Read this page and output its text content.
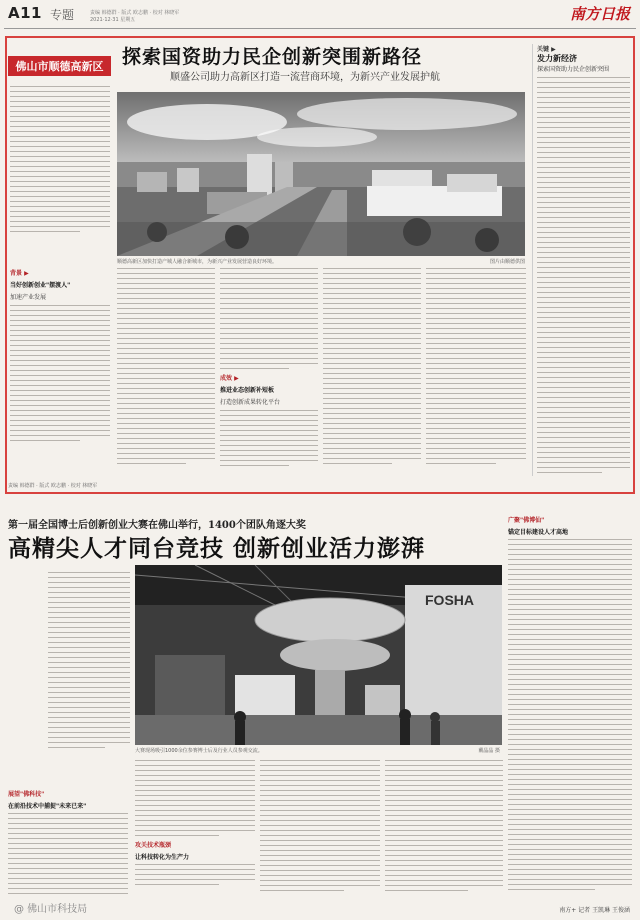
A11 专题	责编 韩德群 · 版式 欧志鹏 · 校对 林晓军
2021·12·31 星期五	南方日报
佛山市顺德高新区 探索国资助力民企创新突围新路径
顺盛公司助力高新区打造一流营商环境，为新兴产业发展护航
顺德高新区加快打造产城人融合新城市，为新兴产业发展营造良好环境。	图片由顺德供图
背景 ▶
当好创新创业"摆渡人"
加速产业发展
成效 ▶
推进业态创新补短板
打造创新成果转化平台
关键 ▶
发力新经济
探索国资助力民企创新突围
责编 韩德群 · 版式 欧志鹏 · 校对 林晓军
第一届全国博士后创新创业大赛在佛山举行，1400个团队角逐大奖
高精尖人才同台竞技 创新创业活力澎湃
FOSHA
大赛现场吸引1000余位参赛博士后及行业人员参观交流。	戴晶晶 摄
展望"佛科技"
在前沿技术中捕捉"未来已来"
攻关技术瓶颈
让科技转化为生产力
广聚"佛博仙"
锚定目标建设人才高地
南方+ 记者 王凯琳 王俊涵
@ 佛山市科技局
